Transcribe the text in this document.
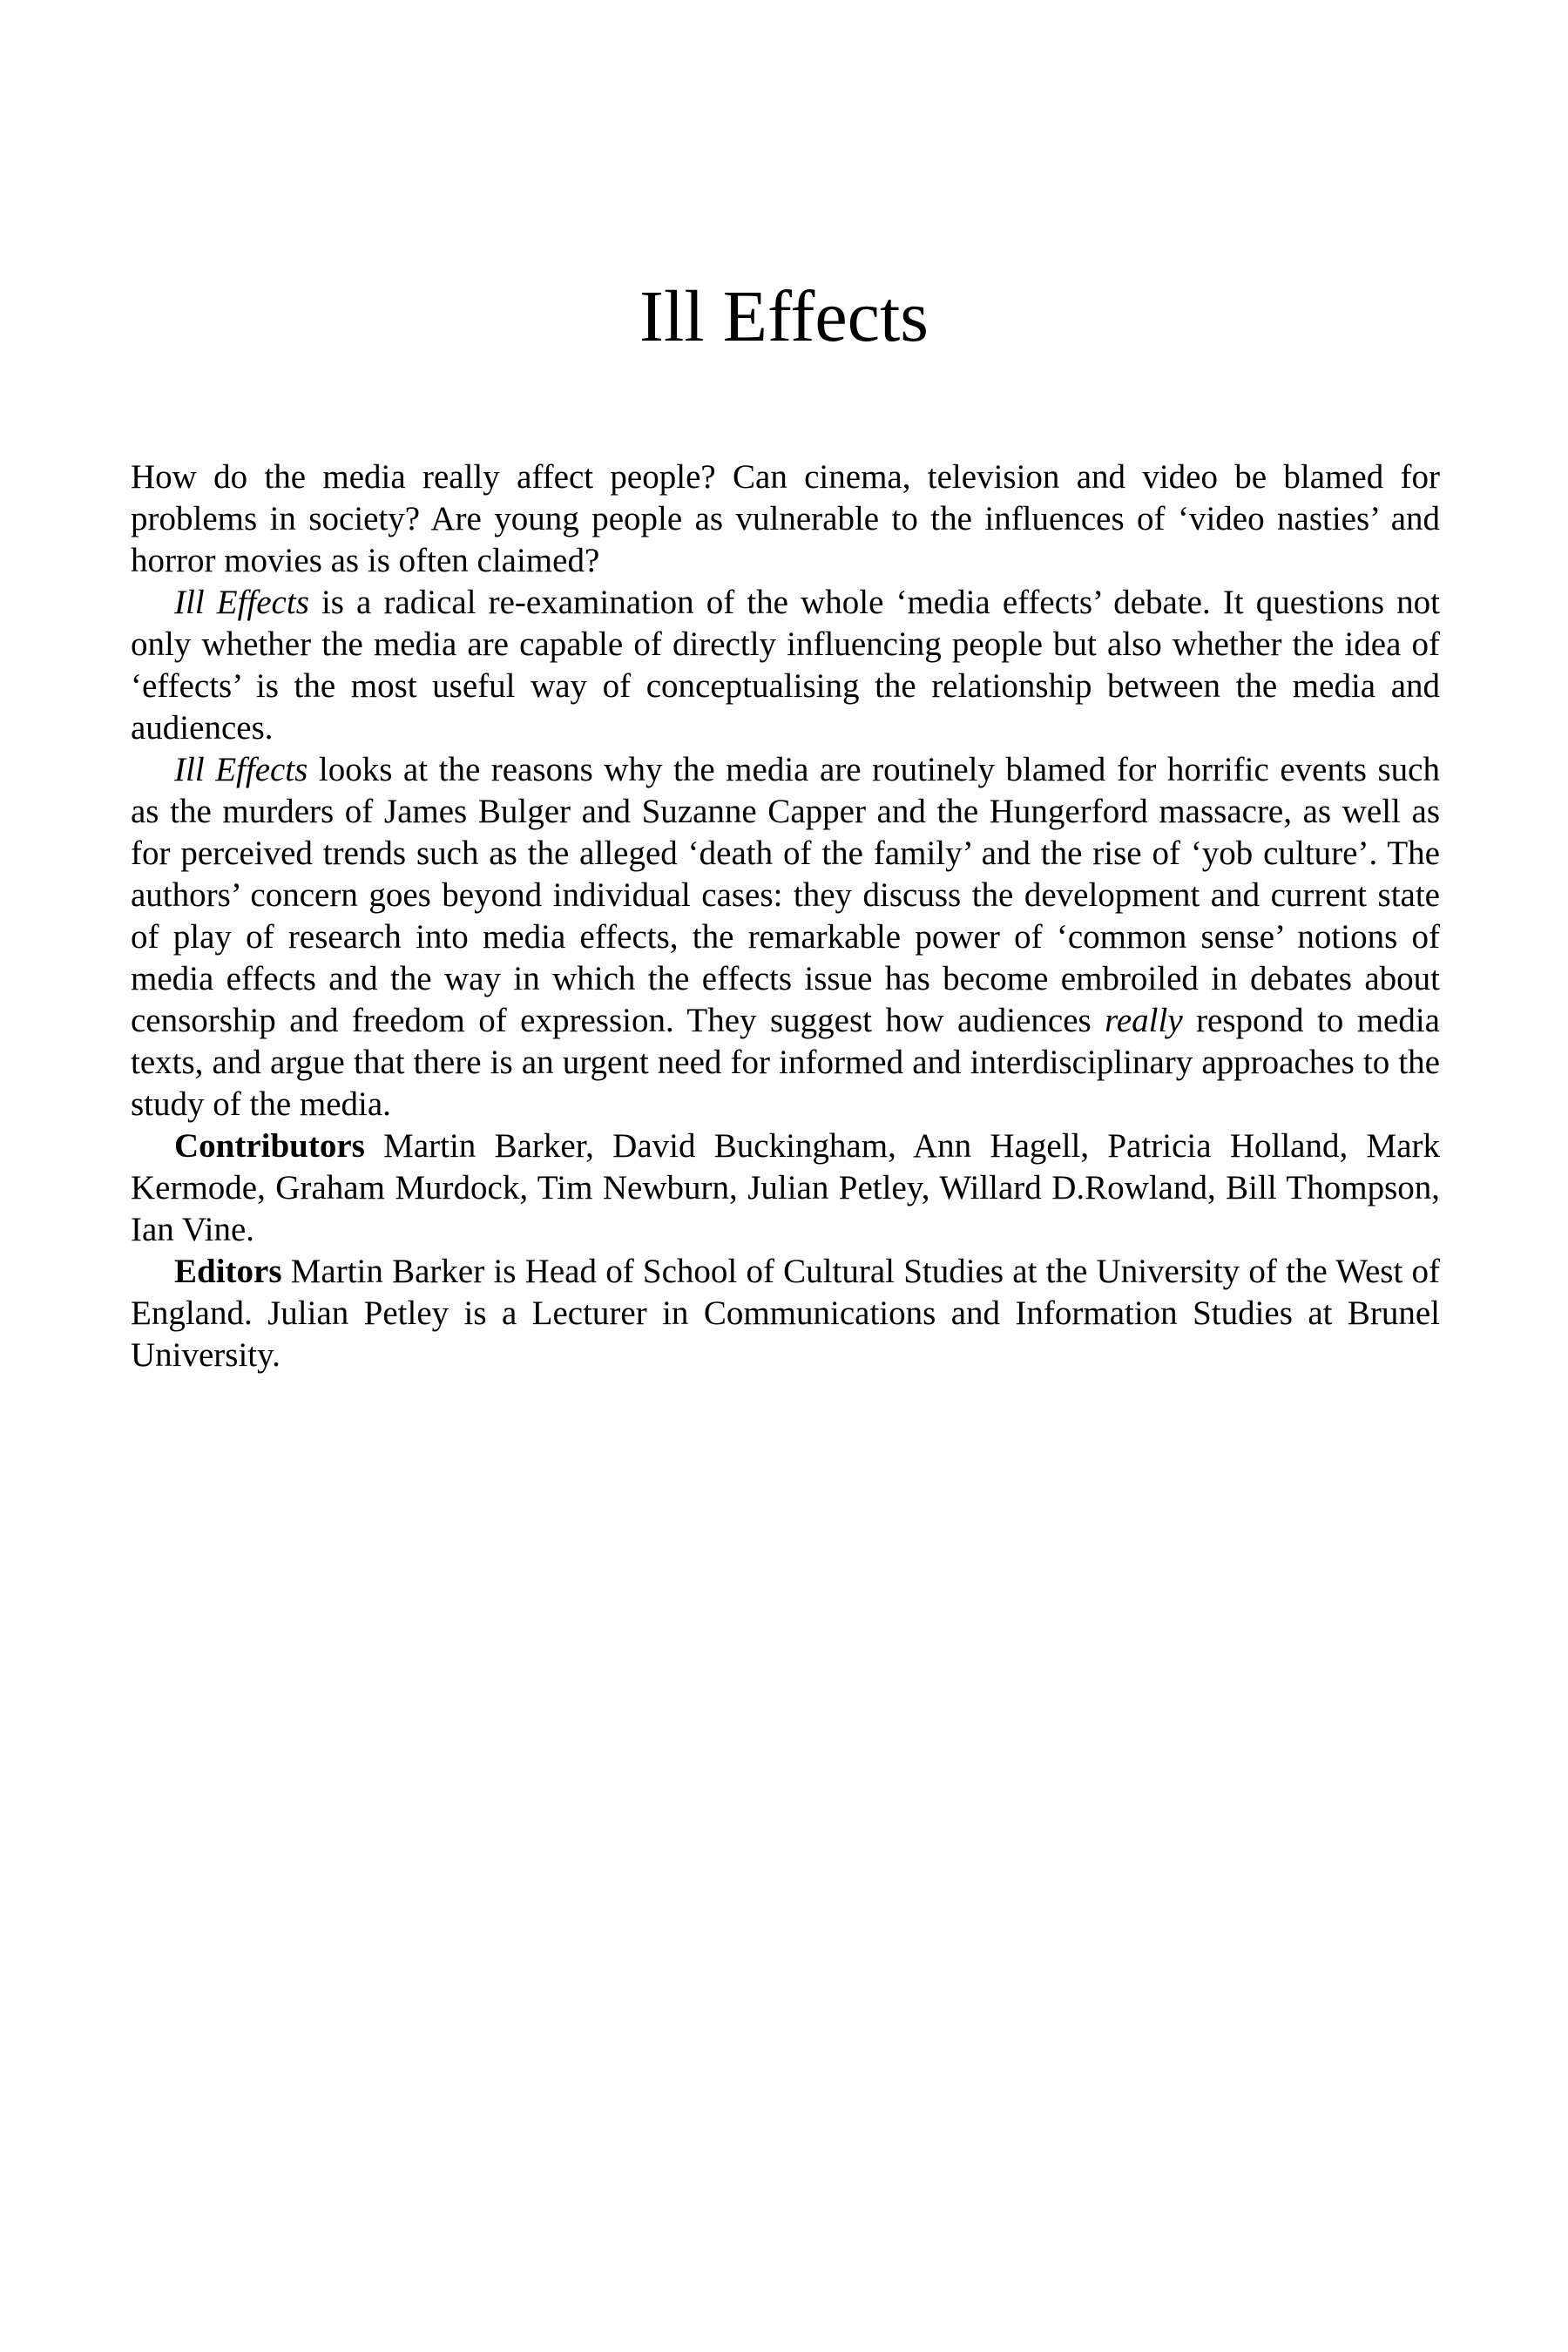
Ill Effects

How do the media really affect people? Can cinema, television and video be blamed for problems in society? Are young people as vulnerable to the influences of ‘video nasties’ and horror movies as is often claimed?

Ill Effects is a radical re-examination of the whole ‘media effects’ debate. It questions not only whether the media are capable of directly influencing people but also whether the idea of ‘effects’ is the most useful way of conceptualising the relationship between the media and audiences.

Ill Effects looks at the reasons why the media are routinely blamed for horrific events such as the murders of James Bulger and Suzanne Capper and the Hungerford massacre, as well as for perceived trends such as the alleged ‘death of the family’ and the rise of ‘yob culture’. The authors’ concern goes beyond individual cases: they discuss the development and current state of play of research into media effects, the remarkable power of ‘common sense’ notions of media effects and the way in which the effects issue has become embroiled in debates about censorship and freedom of expression. They suggest how audiences really respond to media texts, and argue that there is an urgent need for informed and interdisciplinary approaches to the study of the media.

Contributors Martin Barker, David Buckingham, Ann Hagell, Patricia Holland, Mark Kermode, Graham Murdock, Tim Newburn, Julian Petley, Willard D.Rowland, Bill Thompson, Ian Vine.

Editors Martin Barker is Head of School of Cultural Studies at the University of the West of England. Julian Petley is a Lecturer in Communications and Information Studies at Brunel University.
